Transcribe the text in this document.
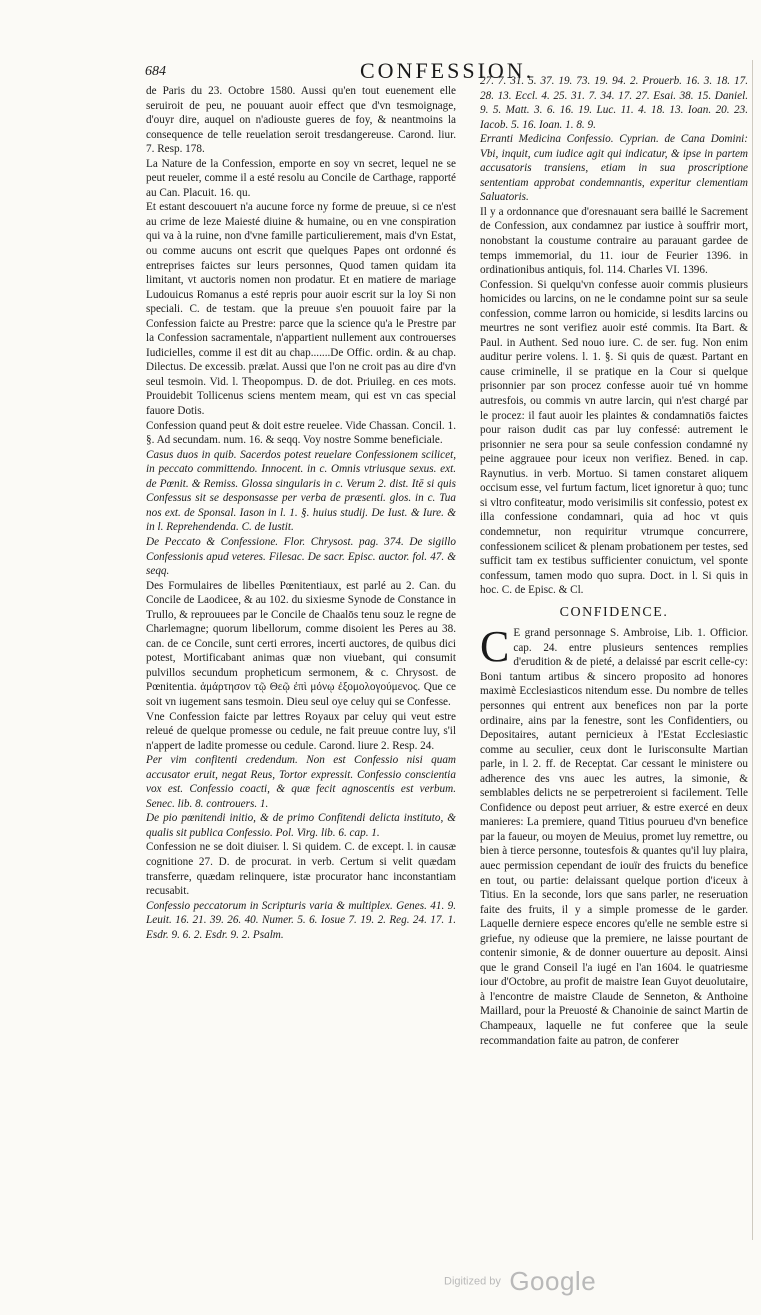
684	CONFESSION.

de Paris du 23. Octobre 1580. Aussi qu'en tout euenement elle seruiroit de peu, ne pouuant auoir effect que d'vn tesmoignage, d'ouyr dire, auquel on n'adiouste gueres de foy, & neantmoins la consequence de telle reuelation seroit tresdangereuse. Carond. liur. 7. Resp. 178.

La Nature de la Confession, emporte en soy vn secret, lequel ne se peut reueler, comme il a esté resolu au Concile de Carthage, rapporté au Can. Placuit. 16. qu.

Et estant descouuert n'a aucune force ny forme de preuue, si ce n'est au crime de leze Maiesté diuine & humaine, ou en vne conspiration qui va à la ruine, non d'vne famille particulierement, mais d'vn Estat, ou comme aucuns ont escrit que quelques Papes ont ordonné és entreprises faictes sur leurs personnes, Quod tamen quidam ita limitant, vt auctoris nomen non prodatur. Et en matiere de mariage Ludouicus Romanus a esté repris pour auoir escrit sur la loy Si non speciali. C. de testam. que la preuue s'en pouuoit faire par la Confession faicte au Prestre: parce que la science qu'a le Prestre par la Confession sacramentale, n'appartient nullement aux controuerses Iudicielles, comme il est dit au chap.......De Offic. ordin. & au chap. Dilectus. De excessib. prælat. Aussi que l'on ne croit pas au dire d'vn seul tesmoin. Vid. l. Theopompus. D. de dot. Priuileg. en ces mots. Prouidebit Tollicenus sciens mentem meam, qui est vn cas special fauore Dotis.

Confession quand peut & doit estre reuelee. Vide Chassan. Concil. 1. §. Ad secundam. num. 16. & seqq. Voy nostre Somme beneficiale.

Casus duos in quib. Sacerdos potest reuelare Confessionem scilicet, in peccato committendo. Innocent. in c. Omnis vtriusque sexus. ext. de Pœnit. & Remiss. Glossa singularis in c. Verum 2. dist. Itē si quis Confessus sit se desponsasse per verba de præsenti. glos. in c. Tua nos ext. de Sponsal. Iason in l. 1. §. huius studij. De Iust. & Iure. & in l. Reprehendenda. C. de Iustit.

De Peccato & Confessione. Flor. Chrysost. pag. 374. De sigillo Confessionis apud veteres. Filesac. De sacr. Episc. auctor. fol. 47. & seqq.

Des Formulaires de libelles Pœnitentiaux, est parlé au 2. Can. du Concile de Laodicee, & au 102. du sixiesme Synode de Constance in Trullo, & reprouuees par le Concile de Chaalōs tenu souz le regne de Charlemagne; quorum libellorum, comme disoient les Peres au 38. can. de ce Concile, sunt certi errores, incerti auctores, de quibus dici potest, Mortificabant animas quæ non viuebant, qui consumit pulvillos secundum propheticum sermonem, & c. Chrysost. de Pœnitentia. ἁμάρτησον τῷ Θεῷ ἐπὶ μόνῳ ἐξομολογούμενος. Que ce soit vn iugement sans tesmoin. Dieu seul oye celuy qui se Confesse.

Vne Confession faicte par lettres Royaux par celuy qui veut estre releué de quelque promesse ou cedule, ne fait preuue contre luy, s'il n'appert de ladite promesse ou cedule. Carond. liure 2. Resp. 24.

Per vim confitenti credendum. Non est Confessio nisi quam accusator eruit, negat Reus, Tortor expressit. Confessio conscientia vox est. Confessio coacti, & quæ fecit agnoscentis est verbum. Senec. lib. 8. controuers. 1.

De pio pœnitendi initio, & de primo Confitendi delicta instituto, & qualis sit publica Confessio. Pol. Virg. lib. 6. cap. 1.

Confession ne se doit diuiser. l. Si quidem. C. de except. l. in causæ cognitione 27. D. de procurat. in verb. Certum si velit quædam transferre, quædam relinquere, istæ procurator hanc inconstantiam recusabit.

Confessio peccatorum in Scripturis varia & multiplex. Genes. 41. 9. Leuit. 16. 21. 39. 26. 40. Numer. 5. 6. Iosue 7. 19. 2. Reg. 24. 17. 1. Esdr. 9. 6. 2. Esdr. 9. 2. Psalm.

27. 7. 31. 5. 37. 19. 73. 19. 94. 2. Prouerb. 16. 3. 18. 17. 28. 13. Eccl. 4. 25. 31. 7. 34. 17. 27. Esai. 38. 15. Daniel. 9. 5. Matt. 3. 6. 16. 19. Luc. 11. 4. 18. 13. Ioan. 20. 23. Iacob. 5. 16. Ioan. 1. 8. 9.

Erranti Medicina Confessio. Cyprian. de Cana Domini: Vbi, inquit, cum iudice agit qui indicatur, & ipse in partem accusatoris transiens, etiam in sua proscriptione sententiam approbat condemnantis, experitur clementiam Saluatoris.

Il y a ordonnance que d'oresnauant sera baillé le Sacrement de Confession, aux condamnez par iustice à souffrir mort, nonobstant la coustume contraire au parauant gardee de temps immemorial, du 11. iour de Feurier 1396. in ordinationibus antiquis, fol. 114. Charles VI. 1396.

Confession. Si quelqu'vn confesse auoir commis plusieurs homicides ou larcins, on ne le condamne point sur sa seule confession, comme larron ou homicide, si lesdits larcins ou meurtres ne sont verifiez auoir esté commis. Ita Bart. & Paul. in Authent. Sed nouo iure. C. de ser. fug. Non enim auditur perire volens. l. 1. §. Si quis de quæst. Partant en cause criminelle, il se pratique en la Cour si quelque prisonnier par son procez confesse auoir tué vn homme autresfois, ou commis vn autre larcin, qui n'est chargé par le procez: il faut auoir les plaintes & condamnatiōs faictes pour raison dudit cas par luy confessé: autrement le prisonnier ne sera pour sa seule confession condamné ny peine aggrauee pour iceux non verifiez. Bened. in cap. Raynutius. in verb. Mortuo. Si tamen constaret aliquem occisum esse, vel furtum factum, licet ignoretur à quo; tunc si vltro confiteatur, modo verisimilis sit confessio, potest ex illa confessione condamnari, quia ad hoc vt quis condemnetur, non requiritur vtrumque concurrere, confessionem scilicet & plenam probationem per testes, sed sufficit tam ex testibus sufficienter conuictum, vel sponte confessum, tamen modo quo supra. Doct. in l. Si quis in hoc. C. de Episc. & Cl.

CONFIDENCE.

C E grand personnage S. Ambroise, Lib. 1. Officior. cap. 24. entre plusieurs sentences remplies d'erudition & de pieté, a delaissé par escrit celle-cy: Boni tantum artibus & sincero proposito ad honores maximè Ecclesiasticos nitendum esse. Du nombre de telles personnes qui entrent aux benefices non par la porte ordinaire, ains par la fenestre, sont les Confidentiers, ou Depositaires, autant pernicieux à l'Estat Ecclesiastic comme au seculier, ceux dont le Iurisconsulte Martian parle, in l. 2. ff. de Receptat. Car cessant le ministere ou adherence des vns auec les autres, la simonie, & semblables delicts ne se perpetreroient si facilement. Telle Confidence ou depost peut arriuer, & estre exercé en deux manieres: La premiere, quand Titius pourueu d'vn benefice par la faueur, ou moyen de Meuius, promet luy remettre, ou bien à tierce personne, toutesfois & quantes qu'il luy plaira, auec permission cependant de iouïr des fruicts du benefice en tout, ou partie: delaissant quelque portion d'iceux à Titius. En la seconde, lors que sans parler, ne reseruation faite des fruits, il y a simple promesse de le garder. Laquelle derniere espece encores qu'elle ne semble estre si griefue, ny odieuse que la premiere, ne laisse pourtant de contenir simonie, & de donner ouuerture au deposit. Ainsi que le grand Conseil l'a iugé en l'an 1604. le quatriesme iour d'Octobre, au profit de maistre Iean Guyot deuolutaire, à l'encontre de maistre Claude de Senneton, & Anthoine Maillard, pour la Preuosté & Chanoinie de sainct Martin de Champeaux, laquelle ne fut conferee que la seule recommandation faite au patron, de conferer

Digitized by Google
